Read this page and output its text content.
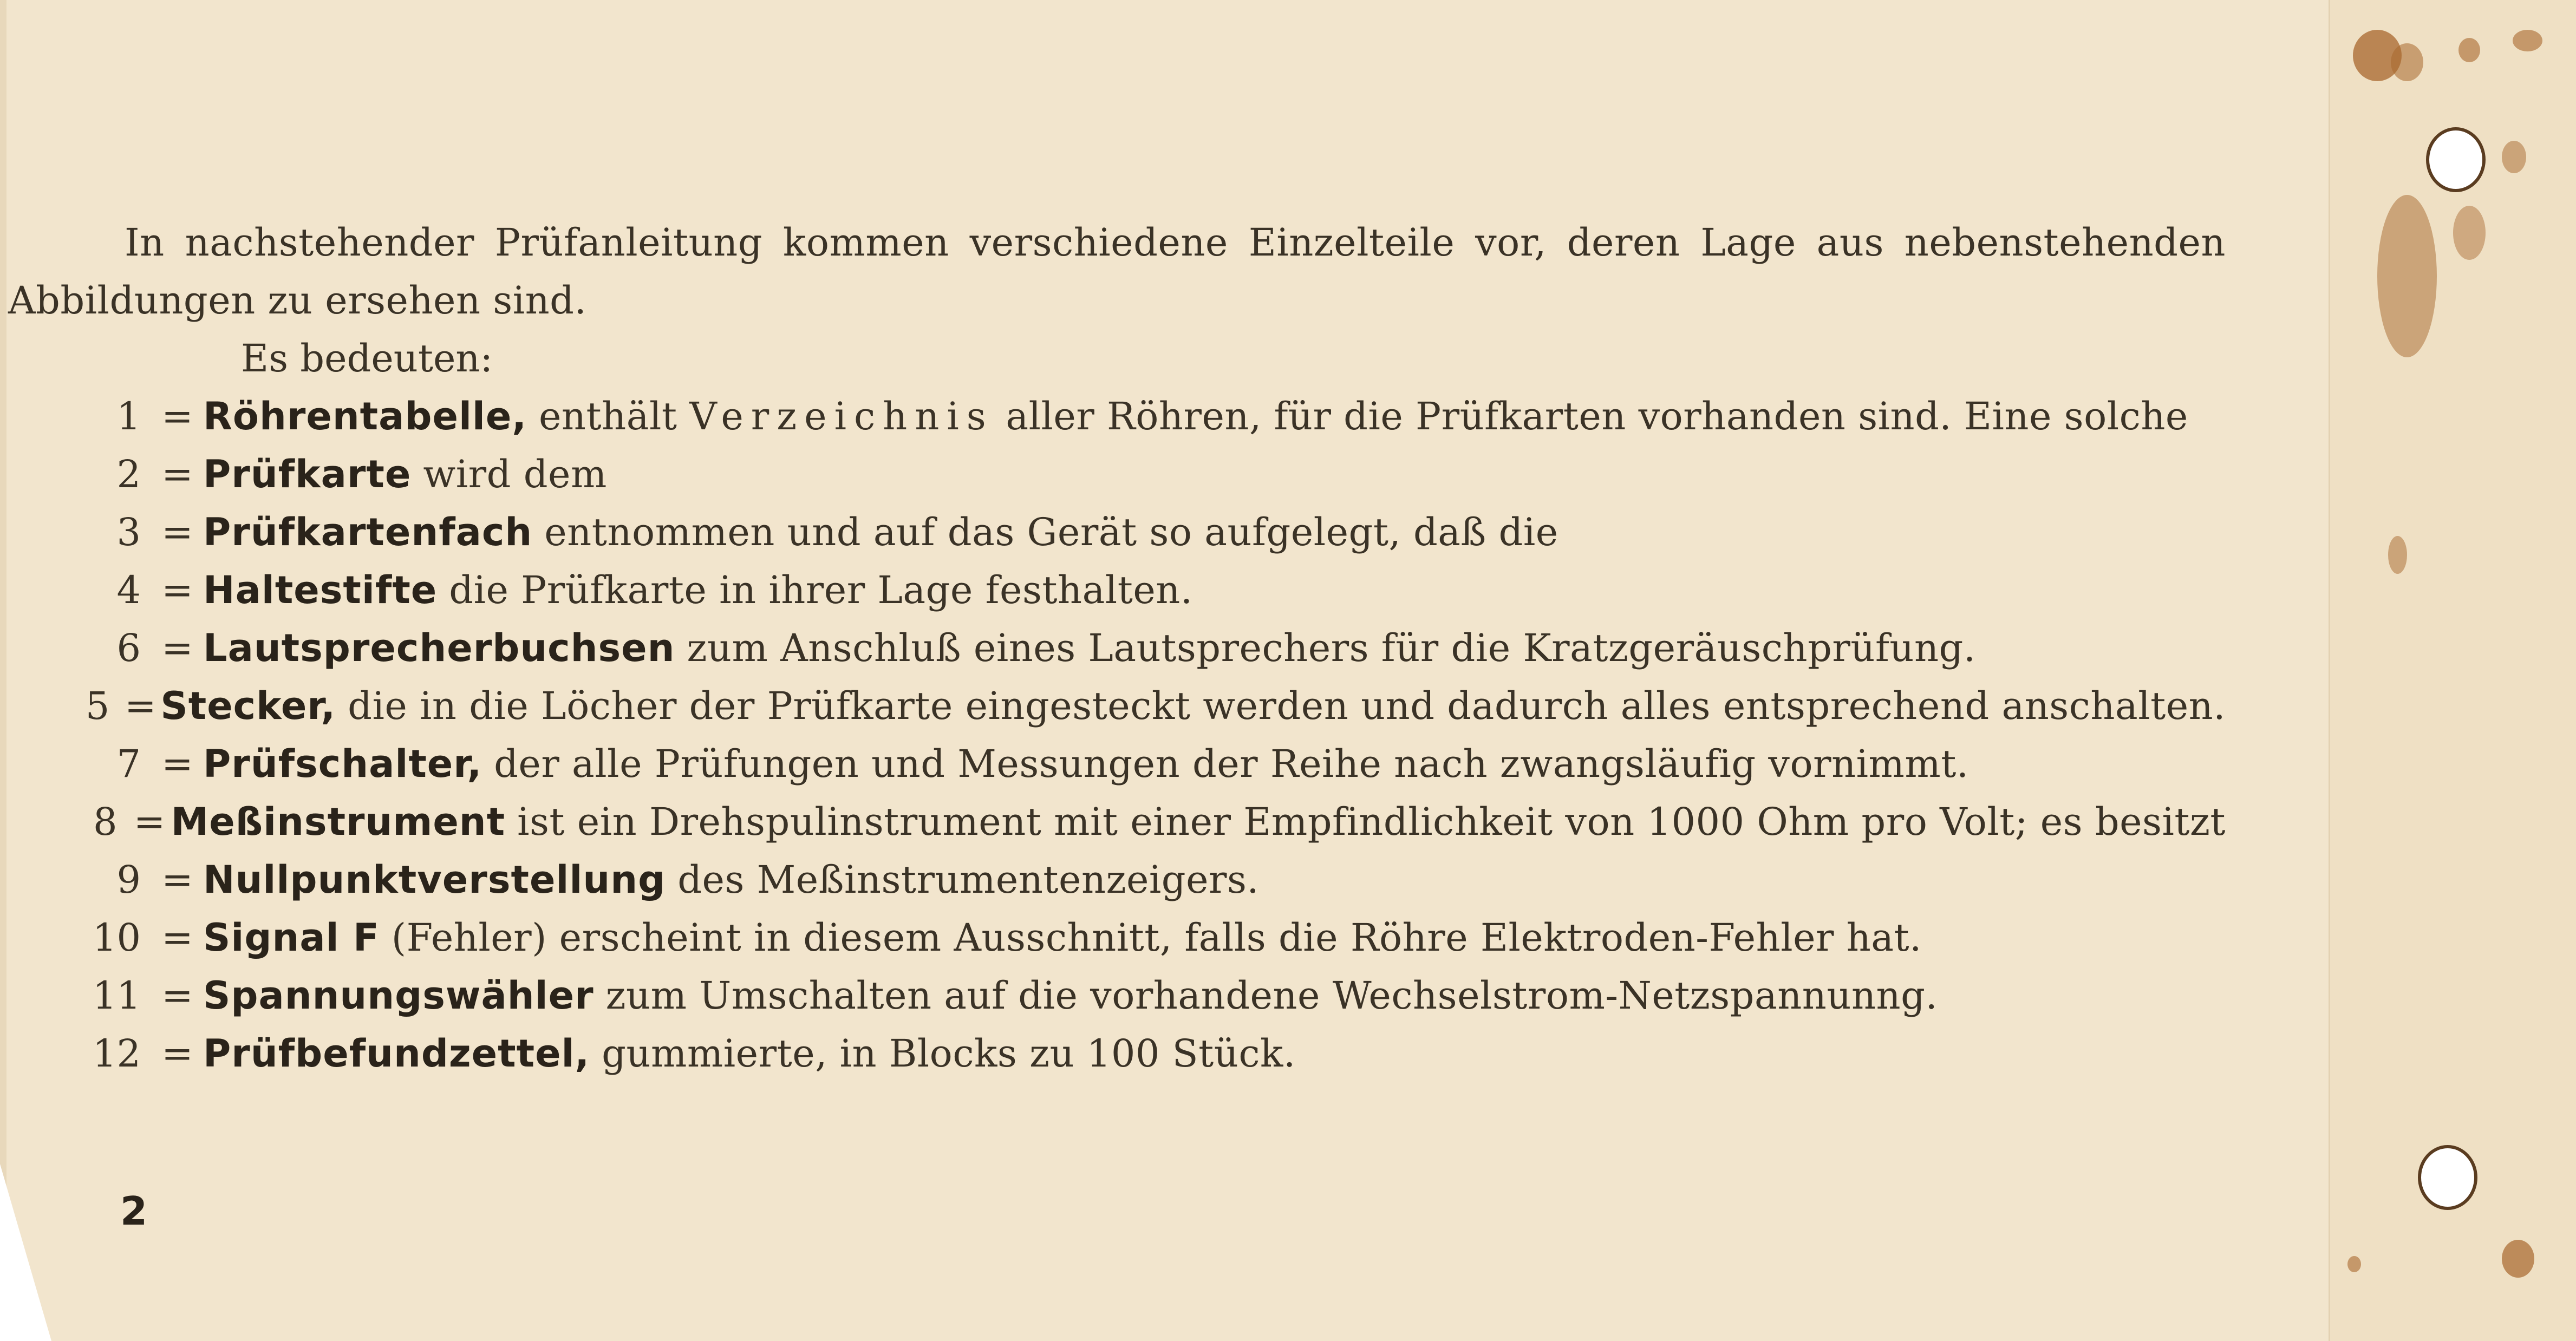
In nachstehender Prüfanleitung kommen verschiedene Einzelteile vor, deren Lage aus nebenstehenden Abbildungen zu ersehen sind.

Es bedeuten:

1 = Röhrentabelle, enthält Verzeichnis aller Röhren, für die Prüfkarten vorhanden sind. Eine solche
2 = Prüfkarte wird dem
3 = Prüfkartenfach entnommen und auf das Gerät so aufgelegt, daß die
4 = Haltestifte die Prüfkarte in ihrer Lage festhalten.
6 = Lautsprecherbuchsen zum Anschluß eines Lautsprechers für die Kratzgeräuschprüfung.
5 = Stecker, die in die Löcher der Prüfkarte eingesteckt werden und dadurch alles entsprechend anschalten.
7 = Prüfschalter, der alle Prüfungen und Messungen der Reihe nach zwangsläufig vornimmt.
8 = Meßinstrument ist ein Drehspulinstrument mit einer Empfindlichkeit von 1000 Ohm pro Volt; es besitzt
9 = Nullpunktverstellung des Meßinstrumentenzeigers.
10 = Signal F (Fehler) erscheint in diesem Ausschnitt, falls die Röhre Elektroden-Fehler hat.
11 = Spannungswähler zum Umschalten auf die vorhandene Wechselstrom-Netzspannunng.
12 = Prüfbefundzettel, gummierte, in Blocks zu 100 Stück.
2
